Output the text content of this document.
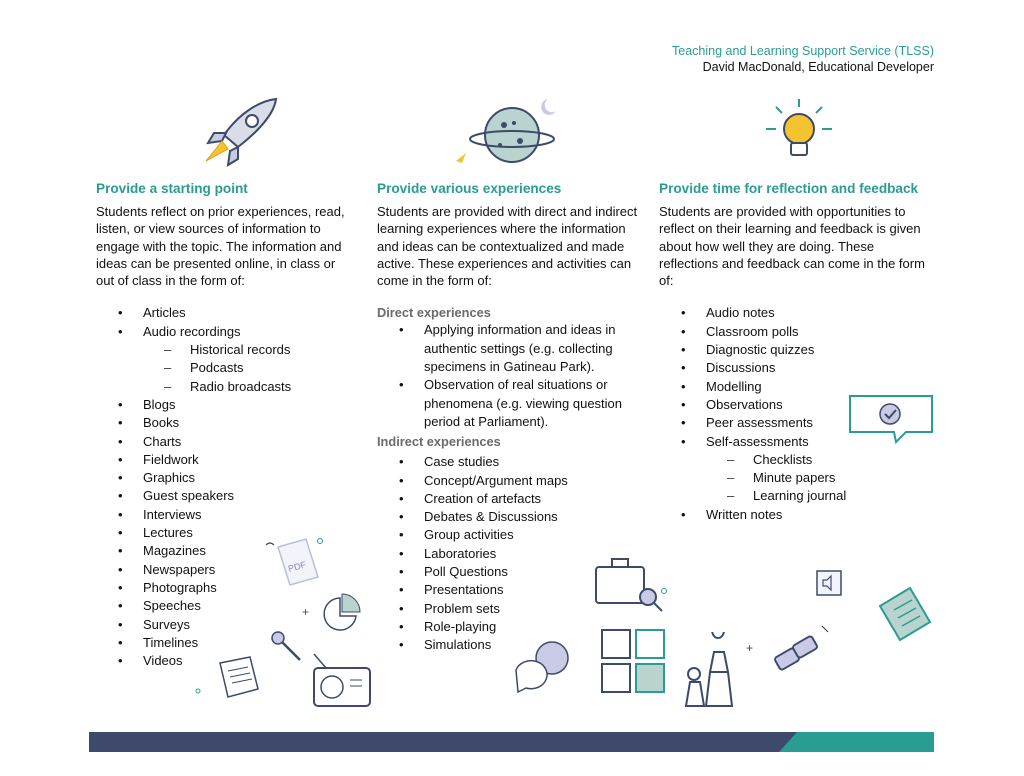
Teaching and Learning Support Service (TLSS)
David MacDonald, Educational Developer
Provide a starting point

Students reflect on prior experiences, read, listen, or view sources of information to engage with the topic. The information and ideas can be presented online, in class or out of class in the form of:

• Articles
• Audio recordings
– Historical records
– Podcasts
– Radio broadcasts
• Blogs
• Books
• Charts
• Fieldwork
• Graphics
• Guest speakers
• Interviews
• Lectures
• Magazines
• Newspapers
• Photographs
• Speeches
• Surveys
• Timelines
• Videos
Provide various experiences

Students are provided with direct and indirect learning experiences where the information and ideas can be contextualized and made active. These experiences and activities can come in the form of:

Direct experiences
• Applying information and ideas in authentic settings (e.g. collecting specimens in Gatineau Park).
• Observation of real situations or phenomena (e.g. viewing question period at Parliament).
Indirect experiences
• Case studies
• Concept/Argument maps
• Creation of artefacts
• Debates & Discussions
• Group activities
• Laboratories
• Poll Questions
• Presentations
• Problem sets
• Role-playing
• Simulations
Provide time for reflection and feedback

Students are provided with opportunities to reflect on their learning and feedback is given about how well they are doing. These reflections and feedback can come in the form of:

• Audio notes
• Classroom polls
• Diagnostic quizzes
• Discussions
• Modelling
• Observations
• Peer assessments
• Self-assessments
– Checklists
– Minute papers
– Learning journal
• Written notes
PDF
+
+
